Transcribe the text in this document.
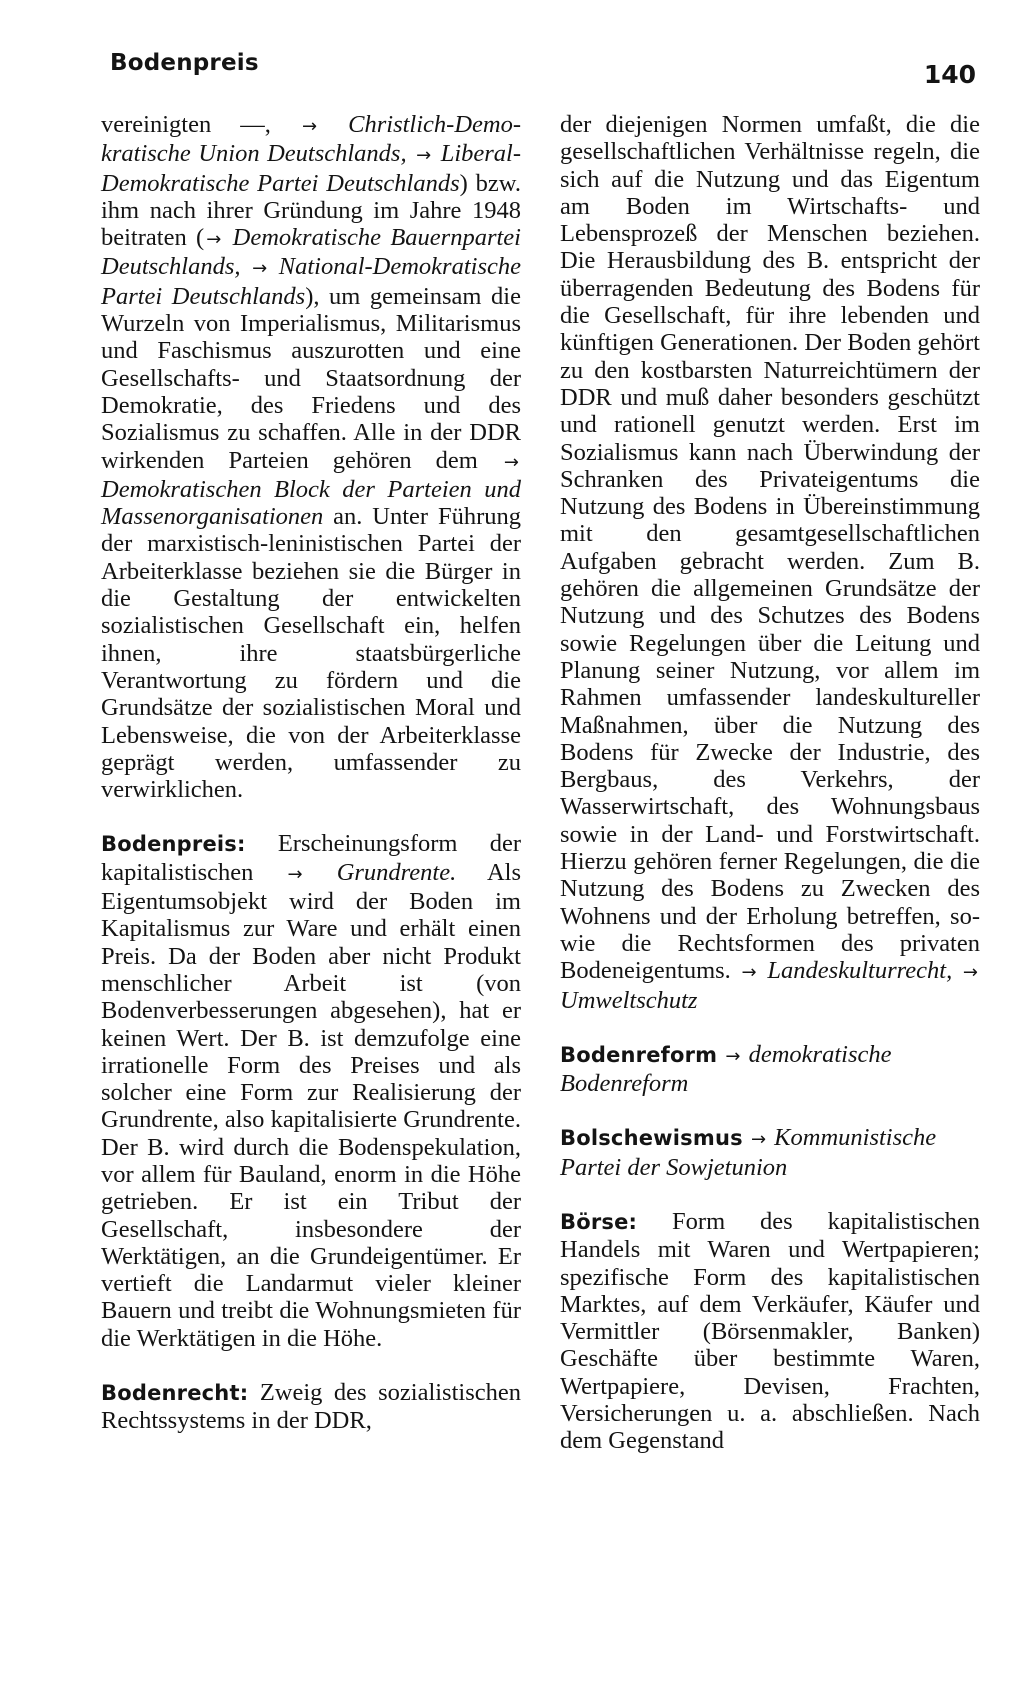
Bodenpreis	140

vereinigten —, → Christlich-Demokratische Union Deutschlands, → Liberal-Demokratische Partei Deutschlands) bzw. ihm nach ihrer Gründung im Jahre 1948 beitraten ( → Demokratische Bauernpartei Deutschlands, → National-Demokratische Partei Deutschlands), um gemeinsam die Wurzeln von Imperialismus, Militarismus und Faschismus auszurotten und eine Gesellschafts- und Staatsordnung der Demokratie, des Friedens und des Sozialismus zu schaffen. Alle in der DDR wirkenden Parteien gehören dem → Demokratischen Block der Parteien und Massenorganisationen an. Unter Führung der marxistisch-leninistischen Partei der Arbeiterklasse beziehen sie die Bürger in die Gestaltung der entwickelten sozialistischen Gesellschaft ein, helfen ihnen, ihre staatsbürgerliche Verantwortung zu fördern und die Grundsätze der sozialistischen Moral und Lebensweise, die von der Arbeiterklasse geprägt werden, umfassender zu verwirklichen.

Bodenpreis: Erscheinungsform der kapitalistischen → Grundrente. Als Eigentumsobjekt wird der Boden im Kapitalismus zur Ware und erhält einen Preis. Da der Boden aber nicht Produkt menschlicher Arbeit ist (von Bodenverbesserungen abgesehen), hat er keinen Wert. Der B. ist demzufolge eine irrationelle Form des Preises und als solcher eine Form zur Realisierung der Grundrente, also kapitalisierte Grundrente. Der B. wird durch die Bodenspekulation, vor allem für Bauland, enorm in die Höhe getrieben. Er ist ein Tribut der Gesellschaft, insbesondere der Werktätigen, an die Grundeigentümer. Er vertieft die Landarmut vieler kleiner Bauern und treibt die Wohnungsmieten für die Werktätigen in die Höhe.

Bodenrecht: Zweig des sozialistischen Rechtssystems in der DDR,

der diejenigen Normen umfaßt, die die gesellschaftlichen Verhältnisse regeln, die sich auf die Nutzung und das Eigentum am Boden im Wirtschafts- und Lebensprozeß der Menschen beziehen. Die Herausbildung des B. entspricht der überragenden Bedeutung des Bodens für die Gesellschaft, für ihre lebenden und künftigen Generationen. Der Boden gehört zu den kostbarsten Naturreichtümern der DDR und muß daher besonders geschützt und rationell genutzt werden. Erst im Sozialismus kann nach Überwindung der Schranken des Privateigentums die Nutzung des Bodens in Übereinstimmung mit den gesamtgesellschaftlichen Aufgaben gebracht werden. Zum B. gehören die allgemeinen Grundsätze der Nutzung und des Schutzes des Bodens sowie Regelungen über die Leitung und Planung seiner Nutzung, vor allem im Rahmen umfassender landeskultureller Maßnahmen, über die Nutzung des Bodens für Zwecke der Industrie, des Bergbaus, des Verkehrs, der Wasserwirtschaft, des Wohnungsbaus sowie in der Land- und Forstwirtschaft. Hierzu gehören ferner Regelungen, die die Nutzung des Bodens zu Zwecken des Wohnens und der Erholung betreffen, sowie die Rechtsformen des privaten Bodeneigentums. → Landeskulturrecht, → Umweltschutz

Bodenreform → demokratische Bodenreform

Bolschewismus → Kommunistische Partei der Sowjetunion

Börse: Form des kapitalistischen Handels mit Waren und Wertpapieren; spezifische Form des kapitalistischen Marktes, auf dem Verkäufer, Käufer und Vermittler (Börsenmakler, Banken) Geschäfte über bestimmte Waren, Wertpapiere, Devisen, Frachten, Versicherungen u. a. abschließen. Nach dem Gegenstand
